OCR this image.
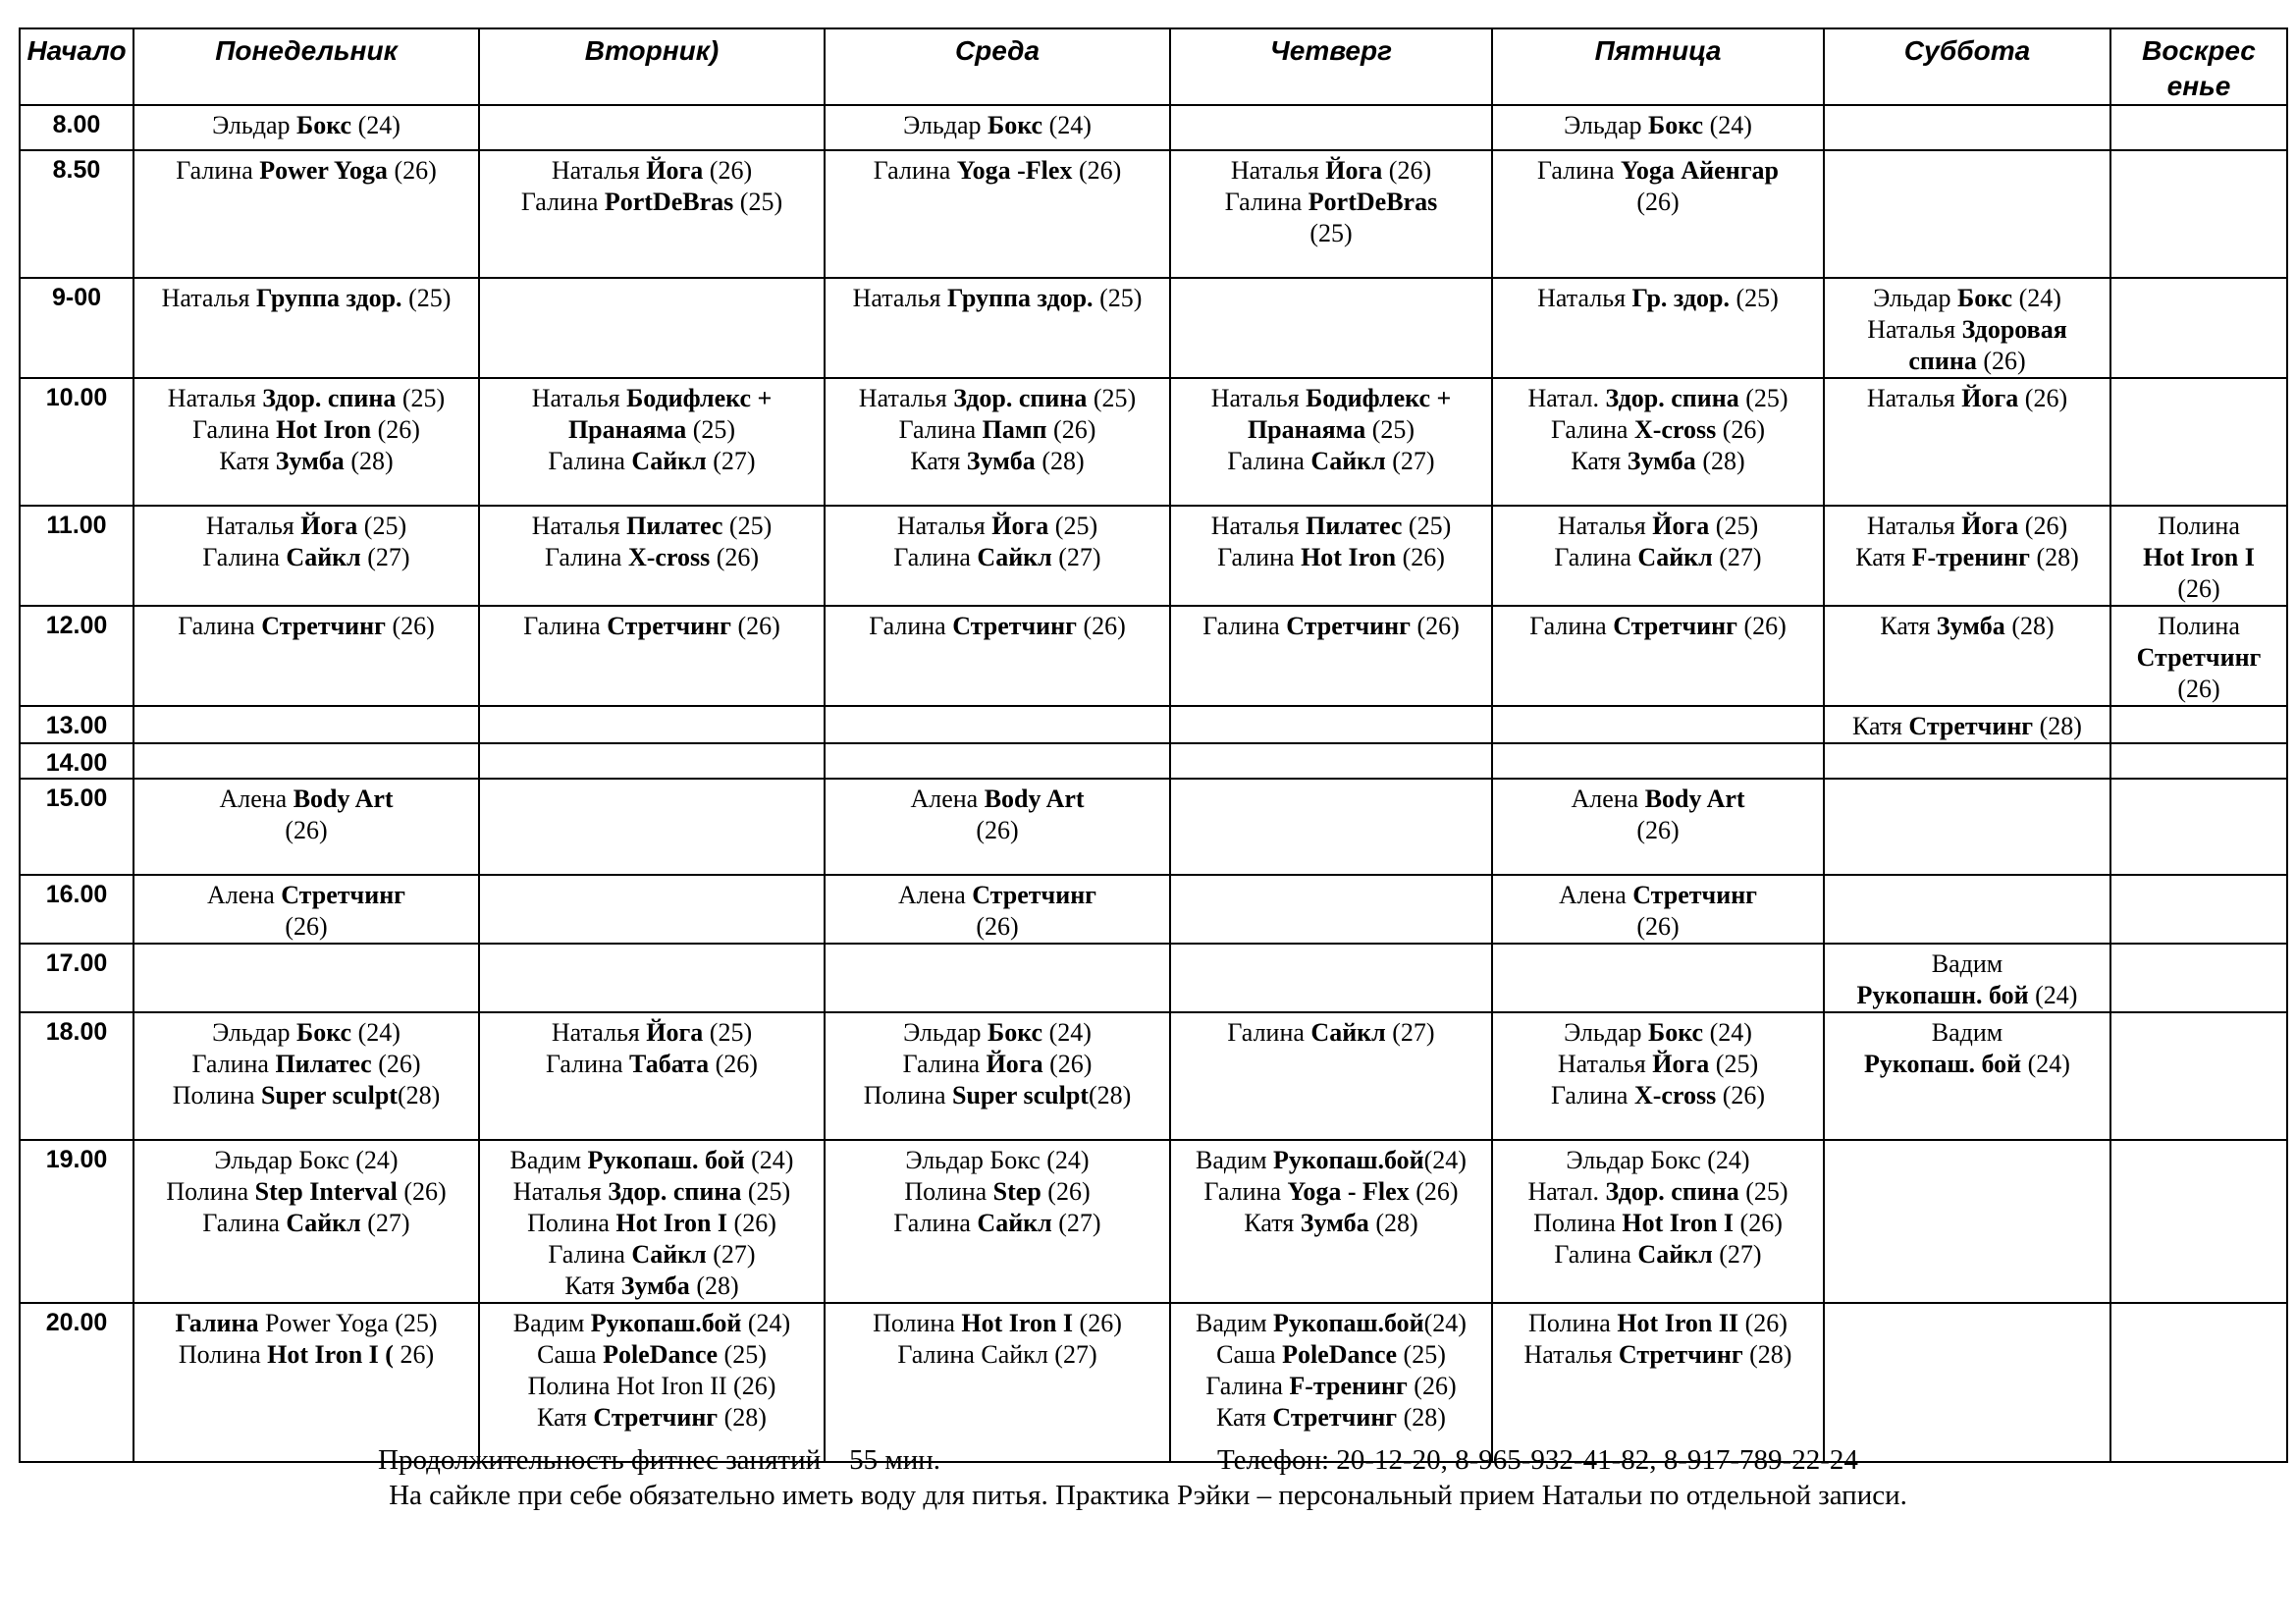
Начало	Понедельник	Вторник)	Среда	Четверг	Пятница	Суббота	Воскрес енье
8.00	Эльдар Бокс (24)		Эльдар Бокс (24)		Эльдар Бокс (24)		

8.50	Галина Power Yoga (26)	Наталья Йога (26)
Галина PortDeBras (25)	Галина Yoga -Flex (26)	Наталья Йога (26)
Галина PortDeBras
(25)	Галина Yoga Айенгар
(26)		

9-00	Наталья Группа здор. (25)		Наталья Группа здор. (25)		Наталья Гр. здор. (25)	Эльдар Бокс (24)
Наталья Здоровая
спина (26)	

10.00	Наталья Здор. спина (25)
Галина Hot Iron (26)
Катя Зумба (28)	Наталья Бодифлекс +
Пранаяма (25)
Галина Сайкл (27)	Наталья Здор. спина (25)
Галина Памп (26)
Катя Зумба (28)	Наталья Бодифлекс +
Пранаяма (25)
Галина Сайкл (27)	Натал. Здор. спина (25)
Галина X-cross (26)
Катя Зумба (28)	Наталья Йога (26)	

11.00	Наталья Йога (25)
Галина Сайкл (27)	Наталья Пилатес (25)
Галина X-cross (26)	Наталья Йога (25)
Галина Сайкл (27)	Наталья Пилатес (25)
Галина Hot Iron (26)	Наталья Йога (25)
Галина Сайкл (27)	Наталья Йога (26)
Катя F-тренинг (28)	Полина
Hot Iron I
(26)

12.00	Галина Стретчинг (26)	Галина Стретчинг (26)	Галина Стретчинг (26)	Галина Стретчинг (26)	Галина Стретчинг (26)	Катя Зумба (28)	Полина
Стретчинг
(26)

13.00						Катя Стретчинг (28)	

14.00							
15.00	Алена Body Art
(26)		Алена Body Art
(26)		Алена Body Art
(26)		

16.00	Алена Стретчинг
(26)		Алена Стретчинг
(26)		Алена Стретчинг
(26)		

17.00						Вадим
Рукопашн. бой (24)	

18.00	Эльдар Бокс (24)
Галина Пилатес (26)
Полина Super sculpt(28)	Наталья Йога (25)
Галина Табата (26)	Эльдар Бокс (24)
Галина Йога (26)
Полина Super sculpt(28)	Галина Сайкл (27)	Эльдар Бокс (24)
Наталья Йога (25)
Галина X-cross (26)	Вадим
Рукопаш. бой (24)	

19.00	Эльдар Бокс (24)
Полина Step Interval (26)
Галина Сайкл (27)	Вадим Рукопаш. бой (24)
Наталья Здор. спина (25)
Полина Hot Iron I (26)
Галина Сайкл (27)
Катя Зумба (28)	Эльдар Бокс (24)
Полина Step (26)
Галина Сайкл (27)	Вадим Рукопаш.бой(24)
Галина Yoga - Flex (26)
Катя Зумба (28)	Эльдар Бокс (24)
Натал. Здор. спина (25)
Полина Hot Iron I (26)
Галина Сайкл (27)		

20.00	Галина Power Yoga (25)
Полина Hot Iron I ( 26)	Вадим Рукопаш.бой (24)
Саша PoleDance (25)
Полина Hot Iron II (26)
Катя Стретчинг (28)	Полина Hot Iron I (26)
Галина Сайкл (27)	Вадим Рукопаш.бой(24)
Саша PoleDance (25)
Галина F-тренинг (26)
Катя Стретчинг (28)	Полина Hot Iron II (26)
Наталья Стретчинг (28)		

Продолжительность фитнес занятий – 55 мин.	Телефон: 20-12-20, 8-965-932-41-82, 8-917-789-22-24
На сайкле при себе обязательно иметь воду для питья. Практика Рэйки – персональный прием Натальи по отдельной записи.
